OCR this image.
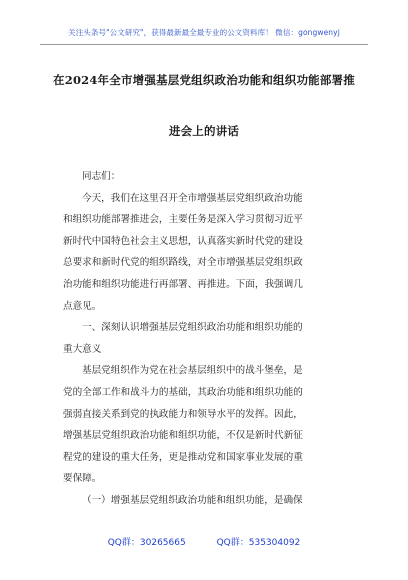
关注头条号"公文研究"，获得最新最全最专业的公文资料库！ 微信：gongwenyj
在2024年全市增强基层党组织政治功能和组织功能部署推
进会上的讲话
同志们：
今天，我们在这里召开全市增强基层党组织政治功能
和组织功能部署推进会，主要任务是深入学习贯彻习近平
新时代中国特色社会主义思想，认真落实新时代党的建设
总要求和新时代党的组织路线，对全市增强基层党组织政
治功能和组织功能进行再部署、再推进。下面，我强调几
点意见。
一、深刻认识增强基层党组织政治功能和组织功能的
重大意义
基层党组织作为党在社会基层组织中的战斗堡垒，是
党的全部工作和战斗力的基础，其政治功能和组织功能的
强弱直接关系到党的执政能力和领导水平的发挥。因此，
增强基层党组织政治功能和组织功能，不仅是新时代新征
程党的建设的重大任务，更是推动党和国家事业发展的重
要保障。
（一）增强基层党组织政治功能和组织功能，是确保
QQ群：30265665	QQ群：535304092
